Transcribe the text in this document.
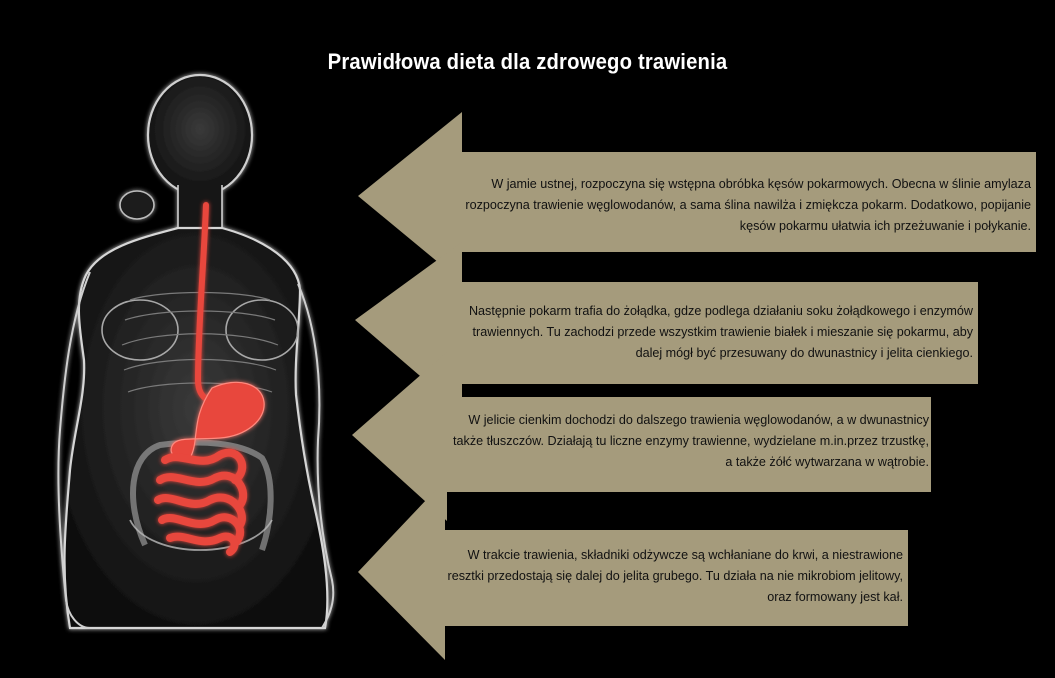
Prawidłowa dieta dla zdrowego trawienia
W jamie ustnej, rozpoczyna się wstępna obróbka kęsów pokarmowych. Obecna w ślinie amylaza
rozpoczyna trawienie węglowodanów, a sama ślina nawilża i zmiękcza pokarm. Dodatkowo, popijanie
kęsów pokarmu ułatwia ich przeżuwanie i połykanie.
Następnie pokarm trafia do żołądka, gdze podlega działaniu soku żołądkowego i enzymów
trawiennych. Tu zachodzi przede wszystkim trawienie białek i mieszanie się pokarmu, aby
dalej mógł być przesuwany do dwunastnicy i jelita cienkiego.
W jelicie cienkim dochodzi do dalszego trawienia węglowodanów, a w dwunastnicy
także tłuszczów. Działają tu liczne enzymy trawienne, wydzielane m.in.przez trzustkę,
a także żółć wytwarzana w wątrobie.
W trakcie trawienia, składniki odżywcze są wchłaniane do krwi, a niestrawione
resztki przedostają się dalej do jelita grubego. Tu działa na nie mikrobiom jelitowy,
oraz formowany jest kał.
